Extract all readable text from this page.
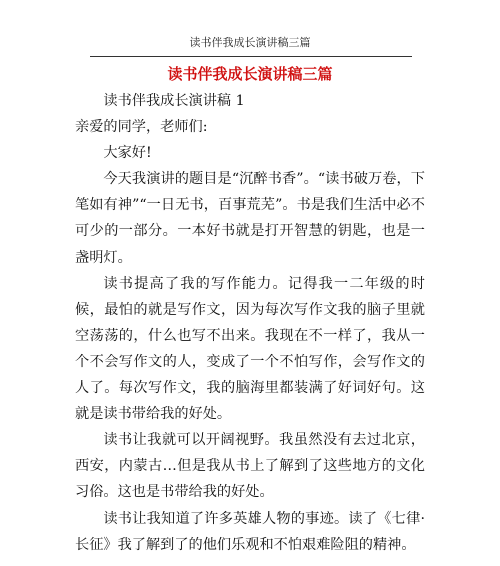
读书伴我成长演讲稿三篇
读书伴我成长演讲稿三篇

读书伴我成长演讲稿 1

亲爱的同学，老师们:

大家好!

今天我演讲的题目是“沉醉书香”。“读书破万卷，下笔如有神”“一日无书，百事荒芜”。书是我们生活中必不可少的一部分。一本好书就是打开智慧的钥匙，也是一盏明灯。

读书提高了我的写作能力。记得我一二年级的时候，最怕的就是写作文，因为每次写作文我的脑子里就空荡荡的，什么也写不出来。我现在不一样了，我从一个不会写作文的人，变成了一个不怕写作，会写作文的人了。每次写作文，我的脑海里都装满了好词好句。这就是读书带给我的好处。

读书让我就可以开阔视野。我虽然没有去过北京，西安，内蒙古…但是我从书上了解到了这些地方的文化习俗。这也是书带给我的好处。

读书让我知道了许多英雄人物的事迹。读了《七律·长征》我了解到了的他们乐观和不怕艰难险阻的精神。
